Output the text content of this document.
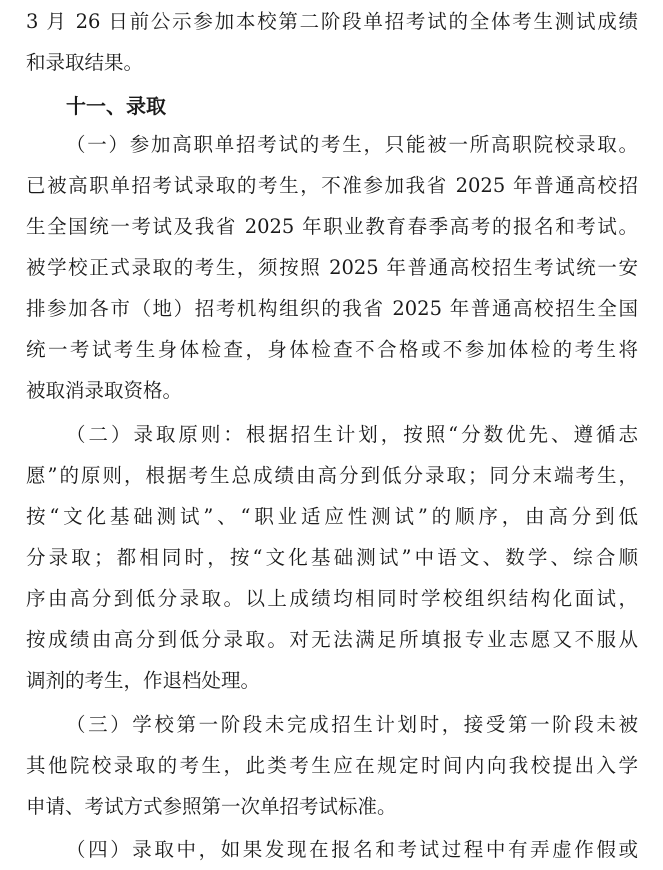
3 月 26 日前公示参加本校第二阶段单招考试的全体考生测试成绩
和录取结果。
十一、录取
（一）参加高职单招考试的考生，只能被一所高职院校录取。
已被高职单招考试录取的考生，不准参加我省 2025 年普通高校招
生全国统一考试及我省 2025 年职业教育春季高考的报名和考试。
被学校正式录取的考生，须按照 2025 年普通高校招生考试统一安
排参加各市（地）招考机构组织的我省 2025 年普通高校招生全国
统一考试考生身体检查，身体检查不合格或不参加体检的考生将
被取消录取资格。
（二）录取原则：根据招生计划，按照“分数优先、遵循志
愿”的原则，根据考生总成绩由高分到低分录取；同分末端考生，
按“文化基础测试”、“职业适应性测试”的顺序，由高分到低
分录取；都相同时，按“文化基础测试”中语文、数学、综合顺
序由高分到低分录取。以上成绩均相同时学校组织结构化面试，
按成绩由高分到低分录取。对无法满足所填报专业志愿又不服从
调剂的考生，作退档处理。
（三）学校第一阶段未完成招生计划时，接受第一阶段未被
其他院校录取的考生，此类考生应在规定时间内向我校提出入学
申请、考试方式参照第一次单招考试标准。
（四）录取中，如果发现在报名和考试过程中有弄虚作假或
